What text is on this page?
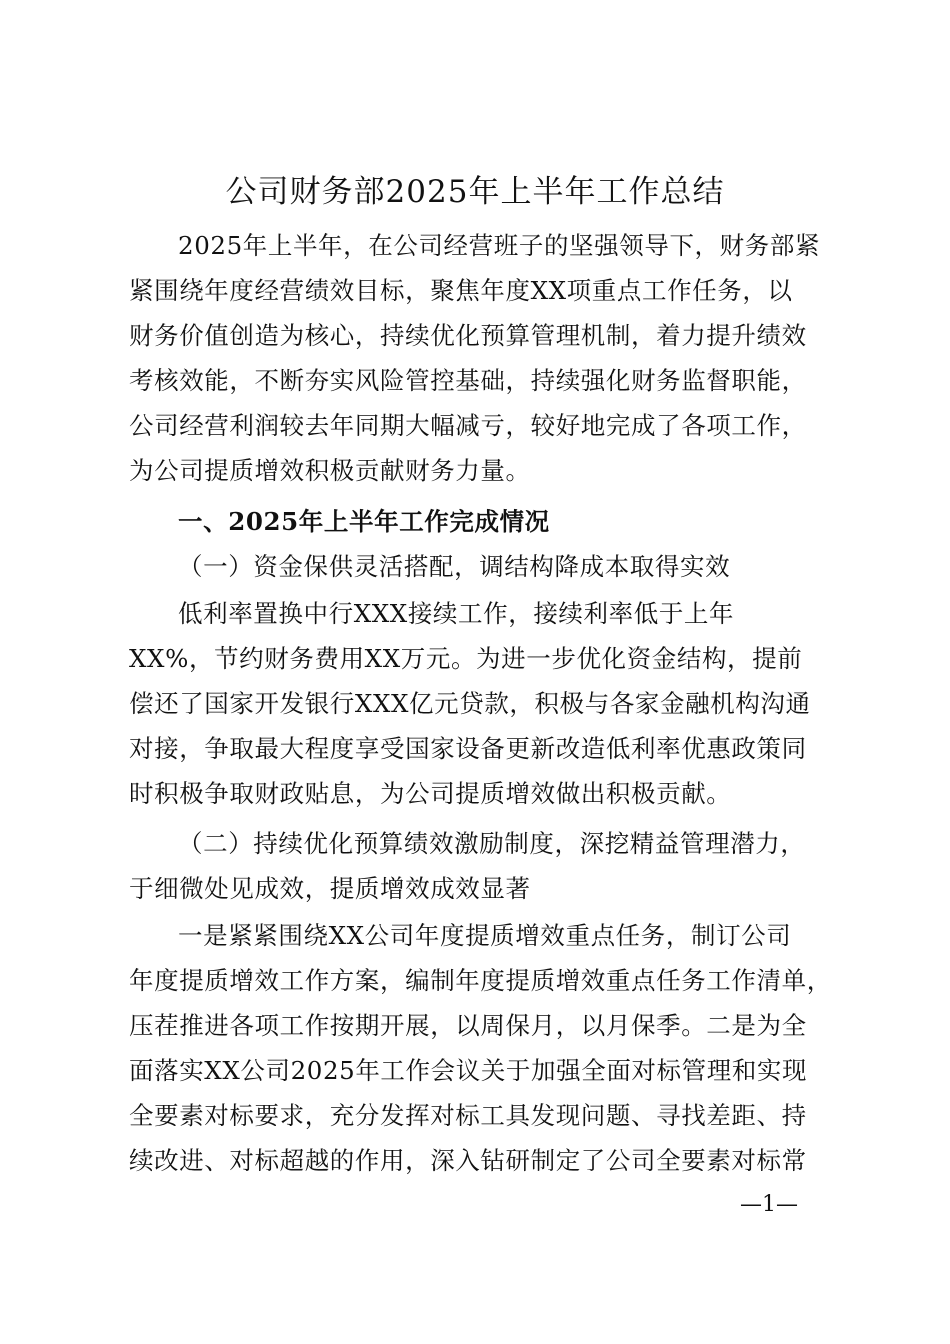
公司财务部2025年上半年工作总结
2025年上半年，在公司经营班子的坚强领导下，财务部紧
紧围绕年度经营绩效目标，聚焦年度XX项重点工作任务，以
财务价值创造为核心，持续优化预算管理机制，着力提升绩效
考核效能，不断夯实风险管控基础，持续强化财务监督职能，
公司经营利润较去年同期大幅减亏，较好地完成了各项工作，
为公司提质增效积极贡献财务力量。
一、2025年上半年工作完成情况
（一）资金保供灵活搭配，调结构降成本取得实效
低利率置换中行XXX接续工作，接续利率低于上年
XX%，节约财务费用XX万元。为进一步优化资金结构，提前
偿还了国家开发银行XXX亿元贷款，积极与各家金融机构沟通
对接，争取最大程度享受国家设备更新改造低利率优惠政策同
时积极争取财政贴息，为公司提质增效做出积极贡献。
（二）持续优化预算绩效激励制度，深挖精益管理潜力，
于细微处见成效，提质增效成效显著
一是紧紧围绕XX公司年度提质增效重点任务，制订公司
年度提质增效工作方案，编制年度提质增效重点任务工作清单，
压茬推进各项工作按期开展，以周保月，以月保季。二是为全
面落实XX公司2025年工作会议关于加强全面对标管理和实现
全要素对标要求，充分发挥对标工具发现问题、寻找差距、持
续改进、对标超越的作用，深入钻研制定了公司全要素对标常
—1—
